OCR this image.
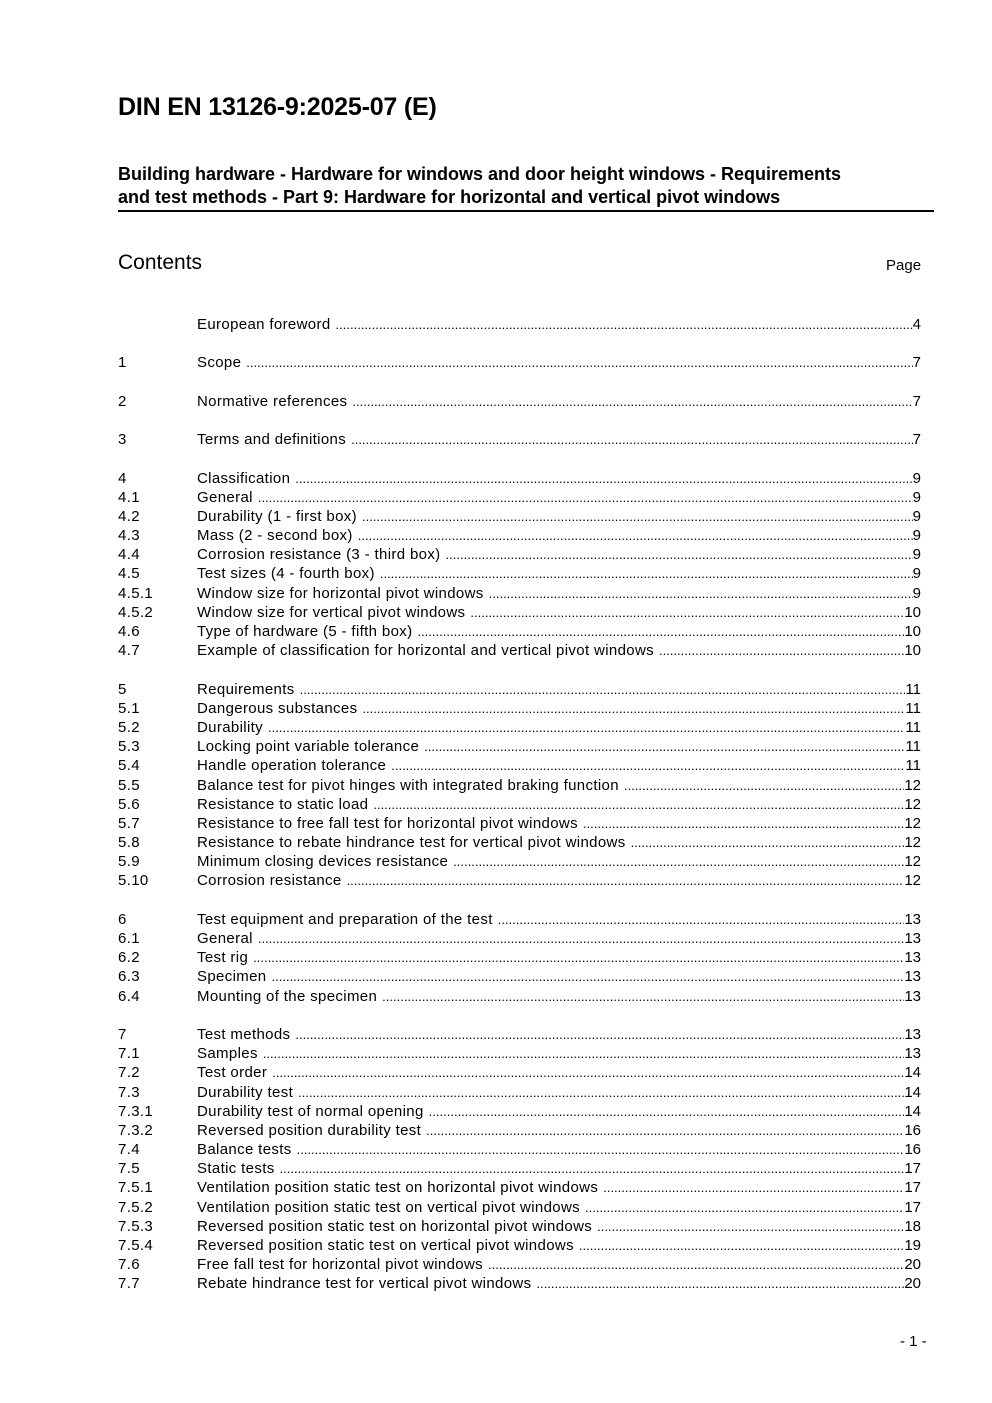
DIN EN 13126-9:2025-07 (E)
Building hardware - Hardware for windows and door height windows - Requirements
and test methods - Part 9: Hardware for horizontal and vertical pivot windows
Contents	Page
European foreword .....	4
1	Scope .....	7
2	Normative references .....	7
3	Terms and definitions .....	7
4	Classification .....	9
4.1	General .....	9
4.2	Durability (1 - first box) .....	9
4.3	Mass (2 - second box) .....	9
4.4	Corrosion resistance (3 - third box) .....	9
4.5	Test sizes (4 - fourth box) .....	9
4.5.1	Window size for horizontal pivot windows .....	9
4.5.2	Window size for vertical pivot windows .....	10
4.6	Type of hardware (5 - fifth box) .....	10
4.7	Example of classification for horizontal and vertical pivot windows .....	10
5	Requirements .....	11
5.1	Dangerous substances .....	11
5.2	Durability .....	11
5.3	Locking point variable tolerance .....	11
5.4	Handle operation tolerance .....	11
5.5	Balance test for pivot hinges with integrated braking function .....	12
5.6	Resistance to static load .....	12
5.7	Resistance to free fall test for horizontal pivot windows .....	12
5.8	Resistance to rebate hindrance test for vertical pivot windows .....	12
5.9	Minimum closing devices resistance .....	12
5.10	Corrosion resistance .....	12
6	Test equipment and preparation of the test .....	13
6.1	General .....	13
6.2	Test rig .....	13
6.3	Specimen .....	13
6.4	Mounting of the specimen .....	13
7	Test methods .....	13
7.1	Samples .....	13
7.2	Test order .....	14
7.3	Durability test .....	14
7.3.1	Durability test of normal opening .....	14
7.3.2	Reversed position durability test .....	16
7.4	Balance tests .....	16
7.5	Static tests .....	17
7.5.1	Ventilation position static test on horizontal pivot windows .....	17
7.5.2	Ventilation position static test on vertical pivot windows .....	17
7.5.3	Reversed position static test on horizontal pivot windows .....	18
7.5.4	Reversed position static test on vertical pivot windows .....	19
7.6	Free fall test for horizontal pivot windows .....	20
7.7	Rebate hindrance test for vertical pivot windows .....	20
- 1 -
